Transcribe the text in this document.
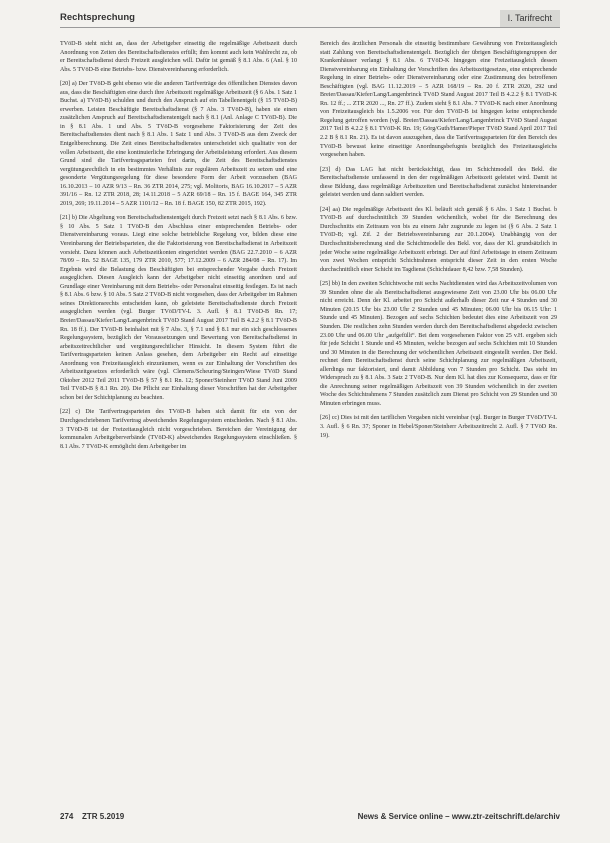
Rechtsprechung	I. Tarifrecht

TVöD-B steht nicht an, dass der Arbeitgeber einseitig die regelmäßige Arbeitszeit durch Anordnung von Zeiten des Bereitschaftsdienstes erfüllt; ihm kommt auch kein Wahlrecht zu, ob er Bereitschaftsdienst durch Freizeit ausgleichen will. Dafür ist gemäß § 8.1 Abs. 6 (Anl. § 10 Abs. 5 TVöD-B eine Betriebs- bzw. Dienstvereinbarung erforderlich.

[20] a) Der TVöD-B geht ebenso wie die anderen Tarifverträge des öffentlichen Dienstes davon aus, dass die Beschäftigten eine durch ihre Arbeitszeit regelmäßige Arbeitszeit (§ 6 Abs. 1 Satz 1 Buchst. a) TVöD-B) schulden und durch den Anspruch auf ein Tabellenentgelt (§ 15 TVöD-B) erwerben. Leisten Beschäftigte Bereitschaftsdienst (§ 7 Abs. 3 TVöD-B), haben sie einen zusätzlichen Anspruch auf Bereitschaftsdienstentgelt nach § 8.1 (Anl. Anlage C TVöD-B). Die in § 8.1 Abs. 1 und Abs. 5 TVöD-B vorgesehene Faktorisierung der Zeit des Bereitschaftsdienstes dient nach § 8.1 Abs. 1 Satz 1 und Abs. 3 TVöD-B aus dem Zweck der Entgeltberechnung. Die Zeit eines Bereitschaftsdienstes unterscheidet sich qualitativ von der vollen Arbeitszeit, die eine kontinuierliche Erbringung der Arbeitsleistung erfordert. Aus diesem Grund sind die Tarifvertragsparteien frei darin, die Zeit des Bereitschaftsdienstes vergütungsrechtlich in ein bestimmtes Verhältnis zur regulären Arbeitszeit zu setzen und eine gesonderte Vergütungsregelung für diese besondere Form der Arbeit vorzusehen (BAG 16.10.2013 – 10 AZR 9/13 – Rn. 36 ZTR 2014, 275; vgl. Molitoris, BAG 16.10.2017 – 5 AZR 391/16 – Rn. 12 ZTR 2018, 28; 14.11.2018 – 5 AZR 69/18 – Rn. 15 f. BAGE 164, 345 ZTR 2019, 269; 19.11.2014 – 5 AZR 1101/12 – Rn. 18 f. BAGE 150, 82 ZTR 2015, 192).

[21] b) Die Abgeltung von Bereitschaftsdienstentgelt durch Freizeit setzt nach § 8.1 Abs. 6 bzw. § 10 Abs. 5 Satz 1 TVöD-B den Abschluss einer entsprechenden Betriebs- oder Dienstvereinbarung voraus. Liegt eine solche betriebliche Regelung vor, bilden diese eine Vereinbarung der Betriebsparteien, die die Faktorisierung von Bereitschaftsdienst in Arbeitszeit vorsieht. Dazu können auch Arbeitszeitkonten eingerichtet werden (BAG 22.7.2010 – 6 AZR 78/09 – Rn. 52 BAGE 135, 179 ZTR 2010, 577; 17.12.2009 – 6 AZR 284/08 – Rn. 17). Im Ergebnis wird die Belastung des Beschäftigten bei entsprechender Vorgabe durch Freizeit ausgeglichen. Diesen Ausgleich kann der Arbeitgeber nicht einseitig anordnen und auf Grundlage einer Vereinbarung mit dem Betriebs- oder Personalrat einseitig festlegen. Es ist nach § 8.1 Abs. 6 bzw. § 10 Abs. 5 Satz 2 TVöD-B nicht vorgesehen, dass der Arbeitgeber im Rahmen seines Direktionsrechts entscheiden kann, ob geleistete Bereitschaftsdienste durch Freizeit ausgeglichen werden (vgl. Burger TVöD/TV-L 3. Aufl. § 8.1 TVöD-B Rn. 17; Breier/Dassau/Kiefer/Lang/Langenbrinck TVöD Stand August 2017 Teil B 4.2.2 § 8.1 TVöD-B Rn. 18 ff.). Der TVöD-B beinhaltet mit § 7 Abs. 3, § 7.1 und § 8.1 nur ein sich geschlossenes Regelungssystem, bezüglich der Voraussetzungen und Bewertung von Bereitschaftsdienst in arbeitszeitrechtlicher und vergütungsrechtlicher Hinsicht. In diesem System führt die Tarifvertragsparteien keinen Anlass gesehen, dem Arbeitgeber ein Recht auf einseitige Anordnung von Freizeitausgleich einzuräumen, wenn es zur Einhaltung der Vorschriften des Arbeitszeitgesetzes erforderlich wäre (vgl. Clemens/Scheuring/Steingen/Wiese TVöD Stand Oktober 2012 Teil 2011 TVöD-B § 57 § 8.1 Rn. 12; Sponer/Steinherr TVöD Stand Juni 2009 Teil TVöD-B § 8.1 Rn. 20). Die Pflicht zur Einhaltung dieser Vorschriften hat der Arbeitgeber schon bei der Schichtplanung zu beachten.

[22] c) Die Tarifvertragsparteien des TVöD-B haben sich damit für ein von der Durchgeschriebenen Tarifvertrag abweichendes Regelungssystem entschieden. Nach § 8.1 Abs. 3 TVöD-B ist der Freizeitausgleich nicht vorgeschrieben. Bereichen der Vereinigung der kommunalen Arbeitgeberverbände (TVöD-K) abweichendes Regelungssystem einschließen. § 8.1 Abs. 7 TVöD-K ermöglicht dem Arbeitgeber im

Bereich des ärztlichen Personals die einseitig bestimmbare Gewährung von Freizeitausgleich statt Zahlung von Bereitschaftsdienstentgelt. Bezüglich der übrigen Beschäftigtengruppen der Krankenhäuser verlangt § 8.1 Abs. 6 TVöD-K hingegen eine Freizeitausgleich dessen Dienstvereinbarung ein Einhaltung der Vorschriften des Arbeitszeitgesetzes, eine entsprechende Regelung in einer Betriebs- oder Dienstvereinbarung oder eine Zustimmung des betroffenen Beschäftigten (vgl. BAG 11.12.2019 – 5 AZR 168/19 – Rn. 20 f. ZTR 2020, 292 und Breier/Dassau/Kiefer/Lang/Langenbrinck TVöD Stand August 2017 Teil B 4.2.2 § 8.1 TVöD-K Rn. 12 ff.; ... ZTR 2020 ..., Rn. 27 ff.). Zudem sieht § 8.1 Abs. 7 TVöD-K nach einer Anordnung von Freizeitausgleich bis 1.5.2006 vor. Für den TVöD-B ist hingegen keine entsprechende Regelung getroffen worden (vgl. Breier/Dassau/Kiefer/Lang/Langenbrinck TVöD Stand August 2017 Teil B 4.2.2 § 8.1 TVöD-K Rn. 19; Görg/Guth/Hamer/Pieper TVöD Stand April 2017 Teil 2.2 B § 8.1 Rn. 21). Es ist davon auszugehen, dass die Tarifvertragsparteien für den Bereich des TVöD-B bewusst keine einseitige Anordnungsbefugnis bezüglich des Freizeitausgleichs vorgesehen haben.

[23] d) Das LAG hat nicht berücksichtigt, dass im Schichtmodell des Bekl. die Bereitschaftsdienste umfassend in den der regelmäßigen Arbeitszeit geleistet wird. Damit ist diese Bildung, dass regelmäßige Arbeitszeiten und Bereitschaftsdienst zunächst hintereinander geleistet werden und dann saldiert werden.

[24] aa) Die regelmäßige Arbeitszeit des Kl. beläuft sich gemäß § 6 Abs. 1 Satz 1 Buchst. b TVöD-B auf durchschnittlich 39 Stunden wöchentlich, wobei für die Berechnung des Durchschnitts ein Zeitraum von bis zu einem Jahr zugrunde zu legen ist (§ 6 Abs. 2 Satz 1 TVöD-B; vgl. Zif. 2 der Betriebsvereinbarung zur 20.1.2004). Unabhängig von der Durchschnittsberechnung sind die Schichtmodelle des Bekl. vor, dass der Kl. grundsätzlich in jeder Woche seine regelmäßige Arbeitszeit erbringt. Der auf fünf Arbeitstage in einem Zeitraum von zwei Wochen entspricht Schichtrahmen entspricht dieser Zeit in den ersten Woche durchschnittlich einer Schicht im Tagdienst (Schichtdauer 8,42 bzw. 7,58 Stunden).

[25] bb) In den zweiten Schichtwoche mit sechs Nachtdiensten wird das Arbeitszeitvolumen von 39 Stunden ohne die als Bereitschaftsdienst ausgewiesene Zeit von 23.00 Uhr bis 06.00 Uhr nicht erreicht. Denn der Kl. arbeitet pro Schicht außerhalb dieser Zeit nur 4 Stunden und 30 Minuten (20.15 Uhr bis 23.00 Uhr 2 Stunden und 45 Minuten; 06.00 Uhr bis 06.15 Uhr: 1 Stunde und 45 Minuten). Bezogen auf sechs Schichten bedeutet dies eine Arbeitszeit von 29 Stunden. Die restlichen zehn Stunden werden durch den Bereitschaftsdienst abgedeckt zwischen 23.00 Uhr und 06.00 Uhr „aufgefüllt“. Bei dem vorgesehenen Faktor von 25 v.H. ergeben sich für jede Schicht 1 Stunde und 45 Minuten, welche bezogen auf sechs Schichten mit 10 Stunden und 30 Minuten in die Berechnung der wöchentlichen Arbeitszeit eingestellt werden. Der Bekl. rechnet dem Bereitschaftsdienst durch seine Schichtplanung zur regelmäßigen Arbeitszeit, allerdings nur faktorisiert, und damit Abbildung von 7 Stunden pro Schicht. Das steht im Widerspruch zu § 8.1 Abs. 3 Satz 2 TVöD-B. Nur dem Kl. hat dies zur Konsequenz, dass er für die Anrechnung seiner regelmäßigen Arbeitszeit von 39 Stunden wöchentlich in der zweiten Woche des Schichtrahmens 7 Stunden zusätzlich zum Dienst pro Schicht von 29 Stunden und 30 Minuten erbringen muss.

[26] cc) Dies ist mit den tariflichen Vorgaben nicht vereinbar (vgl. Burger in Burger TVöD/TV-L 3. Aufl. § 6 Rn. 37; Sponer in Hebel/Sponer/Steinherr Arbeitszeitrecht 2. Aufl. § 7 TVöD Rn. 19).

274 ZTR 5.2019	News & Service online – www.ztr-zeitschrift.de/archiv
